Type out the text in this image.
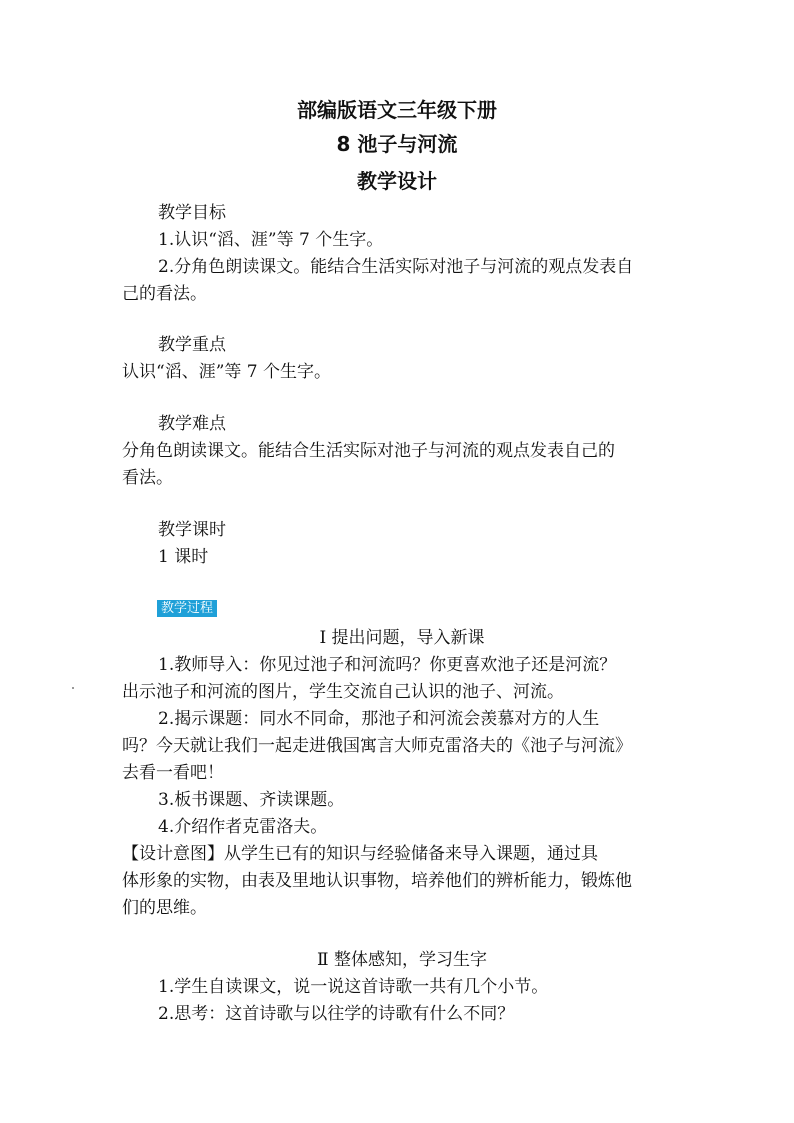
部编版语文三年级下册
8 池子与河流
教学设计
教学目标
1.认识“滔、涯”等 7 个生字。
2.分角色朗读课文。能结合生活实际对池子与河流的观点发表自
己的看法。
教学重点
认识“滔、涯”等 7 个生字。
教学难点
分角色朗读课文。能结合生活实际对池子与河流的观点发表自己的
看法。
教学课时
1 课时
教学过程
Ⅰ 提出问题，导入新课
1.教师导入：你见过池子和河流吗？你更喜欢池子还是河流？
出示池子和河流的图片，学生交流自己认识的池子、河流。
2.揭示课题：同水不同命，那池子和河流会羡慕对方的人生
吗？今天就让我们一起走进俄国寓言大师克雷洛夫的《池子与河流》
去看一看吧！
3.板书课题、齐读课题。
4.介绍作者克雷洛夫。
【设计意图】从学生已有的知识与经验储备来导入课题，通过具
体形象的实物，由表及里地认识事物，培养他们的辨析能力，锻炼他
们的思维。
Ⅱ 整体感知，学习生字
1.学生自读课文，说一说这首诗歌一共有几个小节。
2.思考：这首诗歌与以往学的诗歌有什么不同？
